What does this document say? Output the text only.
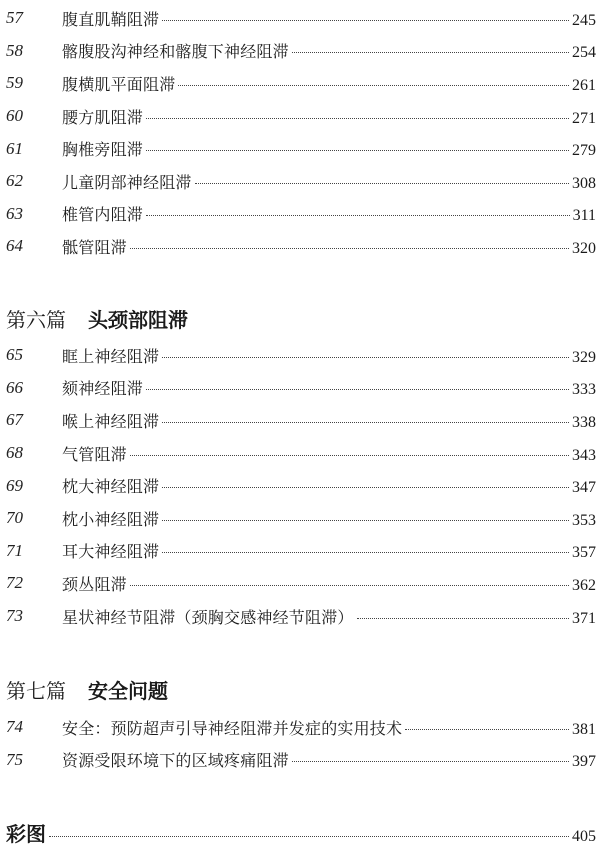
57	腹直肌鞘阻滞	245
58	髂腹股沟神经和髂腹下神经阻滞	254
59	腹横肌平面阻滞	261
60	腰方肌阻滞	271
61	胸椎旁阻滞	279
62	儿童阴部神经阻滞	308
63	椎管内阻滞	311
64	骶管阻滞	320
第六篇 头颈部阻滞
65	眶上神经阻滞	329
66	颏神经阻滞	333
67	喉上神经阻滞	338
68	气管阻滞	343
69	枕大神经阻滞	347
70	枕小神经阻滞	353
71	耳大神经阻滞	357
72	颈丛阻滞	362
73	星状神经节阻滞（颈胸交感神经节阻滞）	371
第七篇 安全问题
74	安全：预防超声引导神经阻滞并发症的实用技术	381
75	资源受限环境下的区域疼痛阻滞	397
彩图	405
